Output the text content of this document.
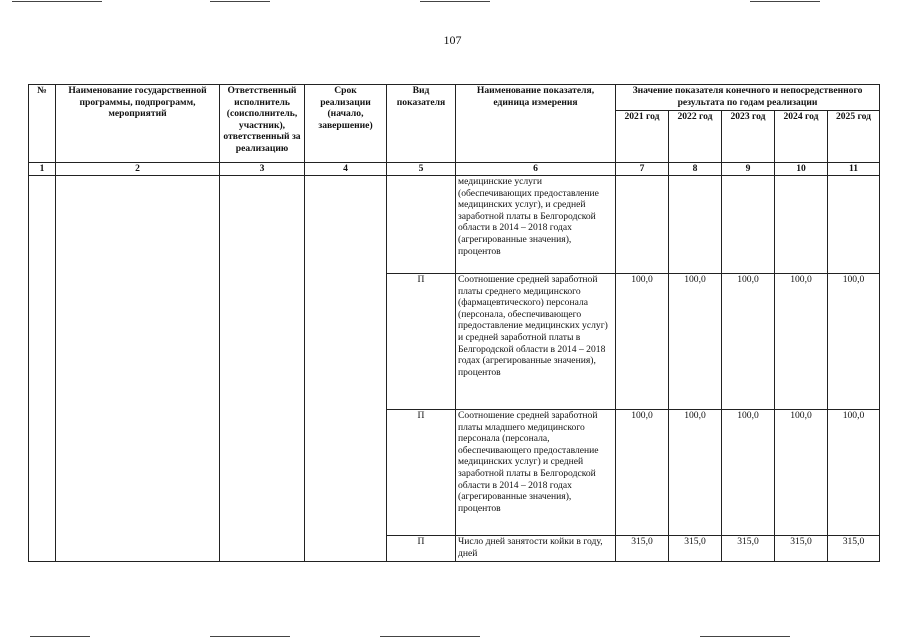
107
№	Наименование государственной программы, подпрограмм, мероприятий	Ответственный исполнитель (соисполнитель, участник), ответственный за реализацию	Срок реализации (начало, завершение)	Вид показателя	Наименование показателя, единица измерения	Значение показателя конечного и непосредственного результата по годам реализации				
						2021 год	2022 год	2023 год	2024 год	2025 год
1	2	3	4	5	6	7	8	9	10	11
					медицинские услуги (обеспечивающих предоставление медицинских услуг), и средней заработной платы в Белгородской области в 2014 – 2018 годах (агрегированные значения), процентов					
				П	Соотношение средней заработной платы среднего медицинского (фармацевтического) персонала (персонала, обеспечивающего предоставление медицинских услуг) и средней заработной платы в Белгородской области в 2014 – 2018 годах (агрегированные значения), процентов	100,0	100,0	100,0	100,0	100,0
				П	Соотношение средней заработной платы младшего медицинского персонала (персонала, обеспечивающего предоставление медицинских услуг) и средней заработной платы в Белгородской области в 2014 – 2018 годах (агрегированные значения), процентов	100,0	100,0	100,0	100,0	100,0
				П	Число дней занятости койки в году, дней	315,0	315,0	315,0	315,0	315,0
